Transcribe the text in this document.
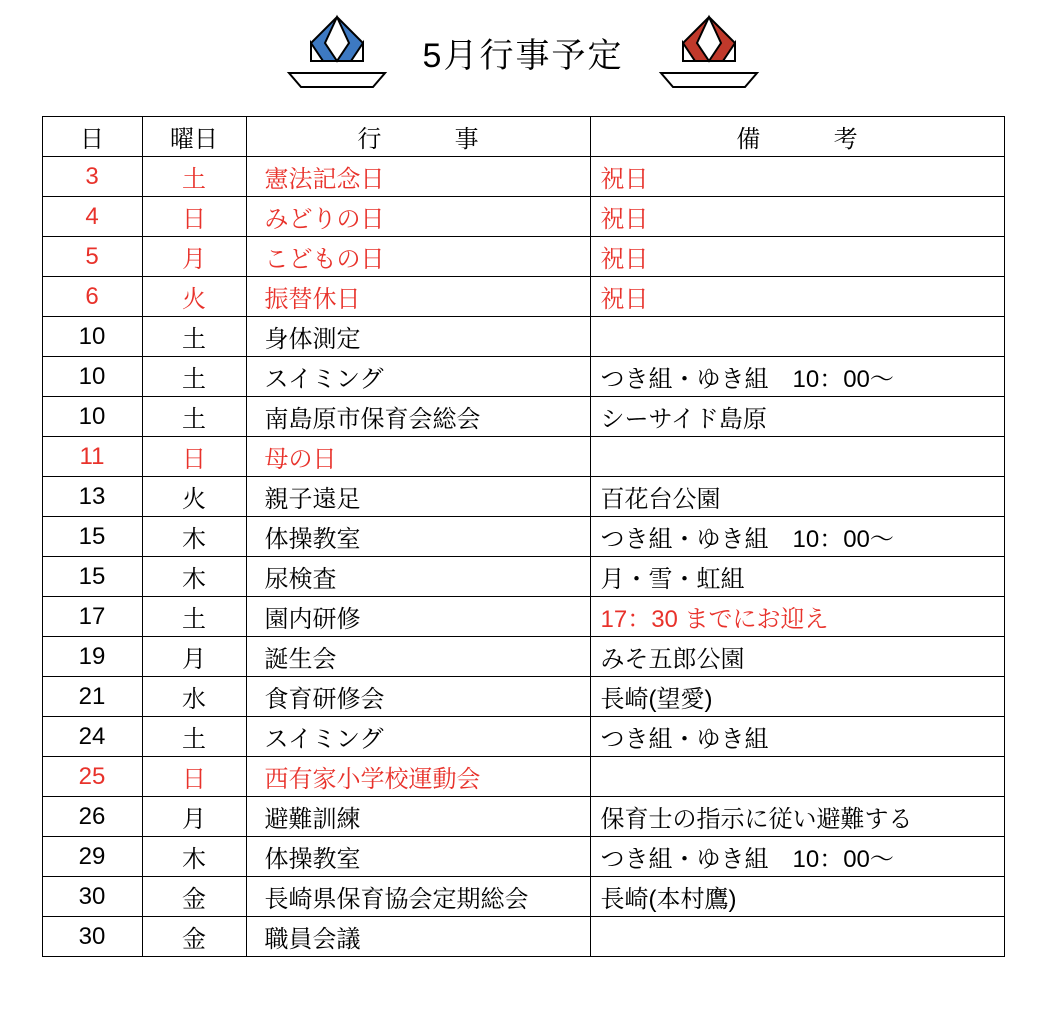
5月行事予定
日	曜日	行　　事	備　　考
3	土	憲法記念日	祝日
4	日	みどりの日	祝日
5	月	こどもの日	祝日
6	火	振替休日	祝日
10	土	身体測定	
10	土	スイミング	つき組・ゆき組　10：00〜
10	土	南島原市保育会総会	シーサイド島原
11	日	母の日	
13	火	親子遠足	百花台公園
15	木	体操教室	つき組・ゆき組　10：00〜
15	木	尿検査	月・雪・虹組
17	土	園内研修	17：30 までにお迎え
19	月	誕生会	みそ五郎公園
21	水	食育研修会	長崎(望愛)
24	土	スイミング	つき組・ゆき組
25	日	西有家小学校運動会	
26	月	避難訓練	保育士の指示に従い避難する
29	木	体操教室	つき組・ゆき組　10：00〜
30	金	長崎県保育協会定期総会	長崎(本村鷹)
30	金	職員会議	
